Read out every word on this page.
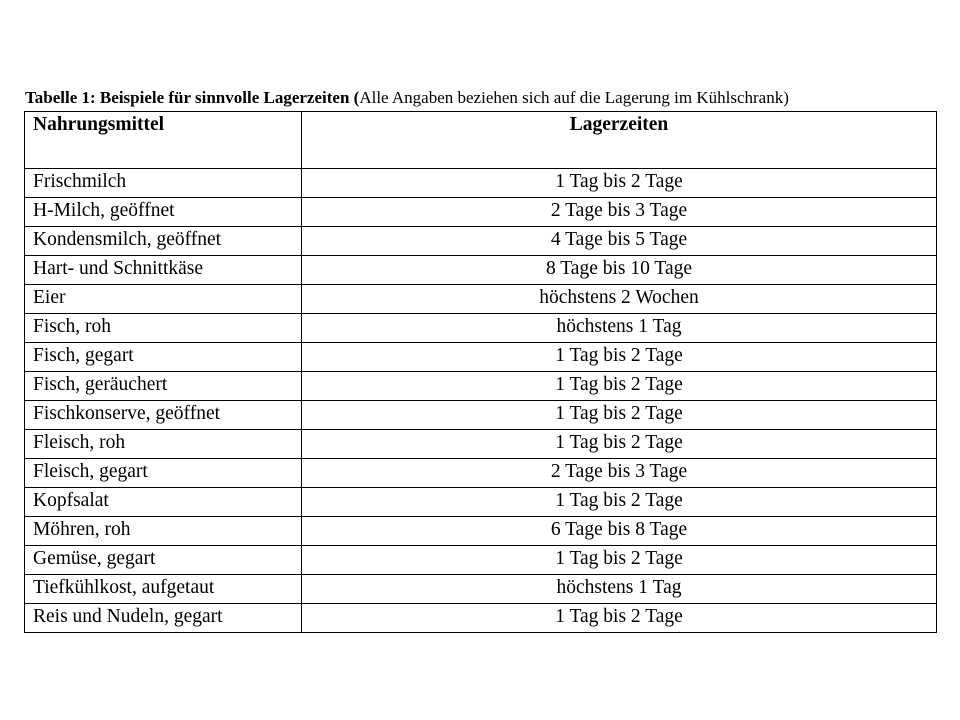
Tabelle 1: Beispiele für sinnvolle Lagerzeiten (Alle Angaben beziehen sich auf die Lagerung im Kühlschrank)
Nahrungsmittel	Lagerzeiten
Frischmilch	1 Tag bis 2 Tage
H-Milch, geöffnet	2 Tage bis 3 Tage
Kondensmilch, geöffnet	4 Tage bis 5 Tage
Hart- und Schnittkäse	8 Tage bis 10 Tage
Eier	höchstens 2 Wochen
Fisch, roh	höchstens 1 Tag
Fisch, gegart	1 Tag bis 2 Tage
Fisch, geräuchert	1 Tag bis 2 Tage
Fischkonserve, geöffnet	1 Tag bis 2 Tage
Fleisch, roh	1 Tag bis 2 Tage
Fleisch, gegart	2 Tage bis 3 Tage
Kopfsalat	1 Tag bis 2 Tage
Möhren, roh	6 Tage bis 8 Tage
Gemüse, gegart	1 Tag bis 2 Tage
Tiefkühlkost, aufgetaut	höchstens 1 Tag
Reis und Nudeln, gegart	1 Tag bis 2 Tage
